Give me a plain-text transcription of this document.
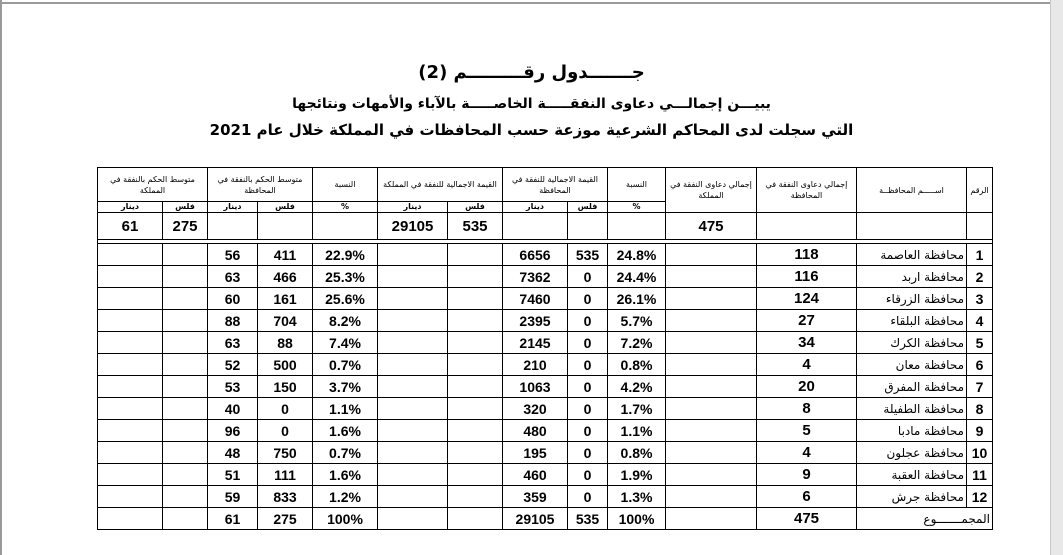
جـــــــدول رقـــــــــم (2)
يبيـــن إجمالـــي دعاوى النفقـــــة الخاصـــــة بالآباء والأمهات ونتائجها
التي سجلت لدى المحاكم الشرعية موزعة حسب المحافظات في المملكة خلال عام 2021
الرقم	اســـــم المحافظــة	إجمالي دعاوى النفقة في المحافظة	إجمالي دعاوى النفقة في المملكة	النسبة	القيمة الاجمالية للنفقة في المحافظة		القيمة الاجمالية للنفقة في المملكة		النسبة	متوسط الحكم بالنفقة في المحافظة		متوسط الحكم بالنفقة في المملكة	
				%	فلس	دينار	فلس	دينار	%	فلس	دينار	فلس	دينار
			475				535	29105				275	61

1	محافظة العاصمة	118		24.8%	535	6656			22.9%	411	56		
2	محافظة اربد	116		24.4%	0	7362			25.3%	466	63		
3	محافظة الزرقاء	124		26.1%	0	7460			25.6%	161	60		
4	محافظة البلقاء	27		5.7%	0	2395			8.2%	704	88		
5	محافظة الكرك	34		7.2%	0	2145			7.4%	88	63		
6	محافظة معان	4		0.8%	0	210			0.7%	500	52		
7	محافظة المفرق	20		4.2%	0	1063			3.7%	150	53		
8	محافظة الطفيلة	8		1.7%	0	320			1.1%	0	40		
9	محافظة مادبا	5		1.1%	0	480			1.6%	0	96		
10	محافظة عجلون	4		0.8%	0	195			0.7%	750	48		
11	محافظة العقبة	9		1.9%	0	460			1.6%	111	51		
12	محافظة جرش	6		1.3%	0	359			1.2%	833	59		
المجمـــــــوع		475		100%	535	29105			100%	275	61		
